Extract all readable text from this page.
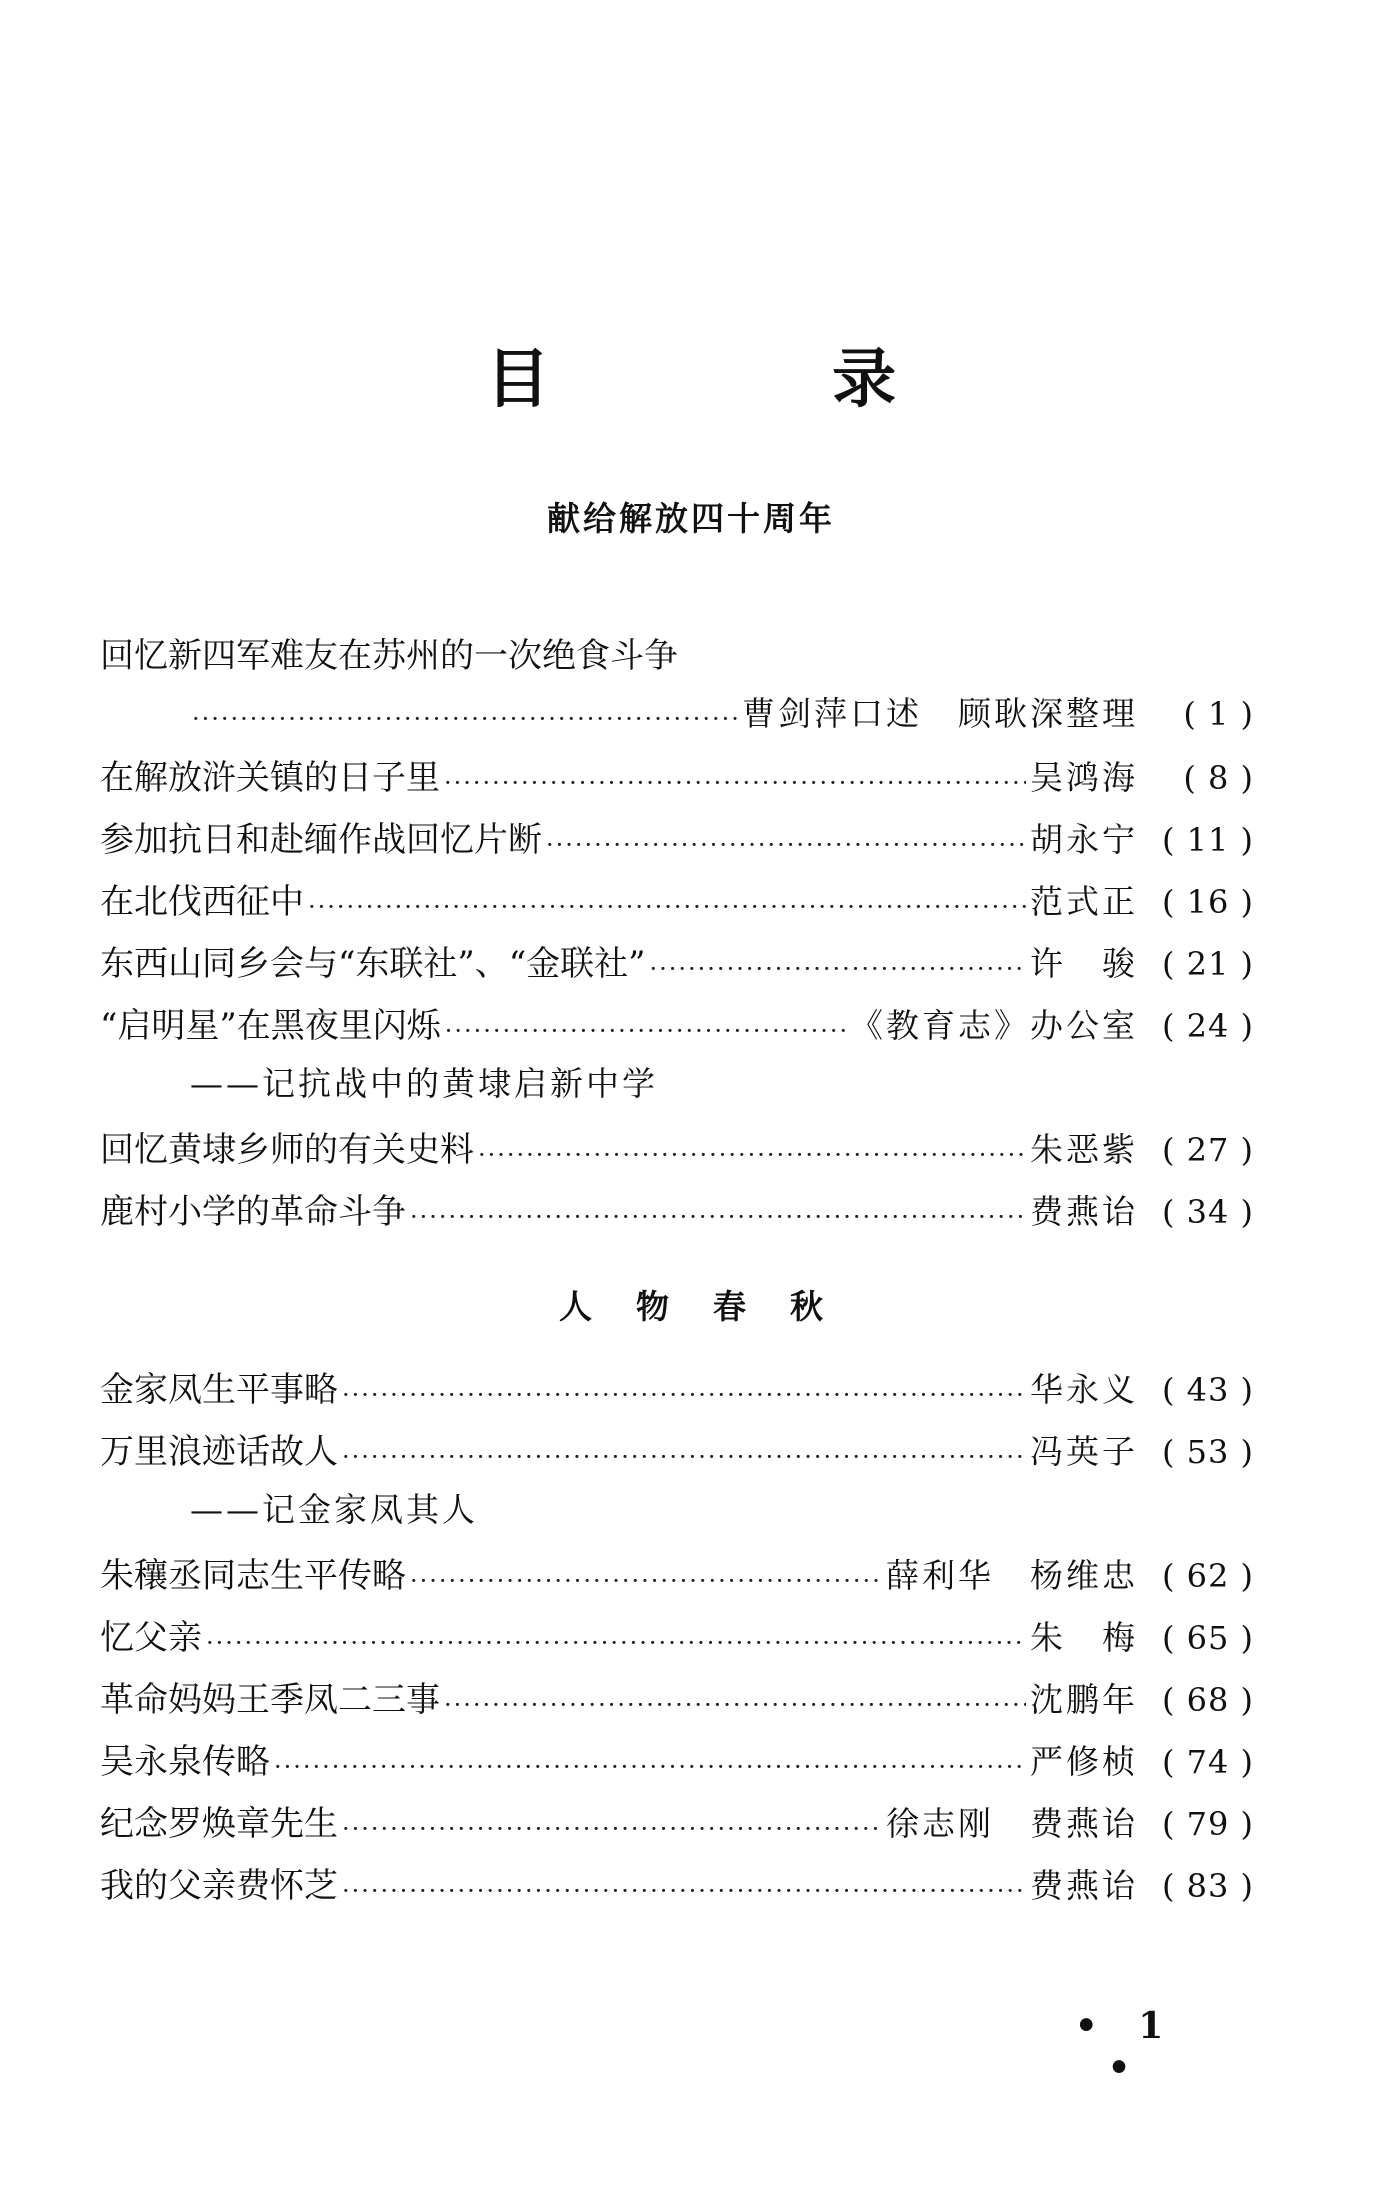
目 录
献给解放四十周年
回忆新四军难友在苏州的一次绝食斗争
·····
曹剑萍口述　顾耿深整理	( 1 )
在解放浒关镇的日子里 ·····	吴鸿海	( 8 )
参加抗日和赴缅作战回忆片断 ·····	胡永宁 ( 11 )
在北伐西征中 ·····	范式正 ( 16 )
东西山同乡会与“东联社”、“金联社” ·····	许　骏 ( 21 )
“启明星”在黑夜里闪烁 ·····	《教育志》办公室 ( 24 )
——记抗战中的黄埭启新中学
回忆黄埭乡师的有关史料 ·····	朱恶紫 ( 27 )
鹿村小学的革命斗争 ·····	费燕诒 ( 34 )
人物春秋
金家凤生平事略 ·····	华永义 ( 43 )
万里浪迹话故人 ·····	冯英子 ( 53 )
——记金家凤其人
朱穰丞同志生平传略 ·····	薛利华　杨维忠 ( 62 )
忆父亲 ·····	朱　梅 ( 65 )
革命妈妈王季凤二三事 ·····	沈鹏年 ( 68 )
吴永泉传略 ·····	严修桢 ( 74 )
纪念罗焕章先生 ·····	徐志刚　费燕诒 ( 79 )
我的父亲费怀芝 ·····	费燕诒 ( 83 )
• 1 •
